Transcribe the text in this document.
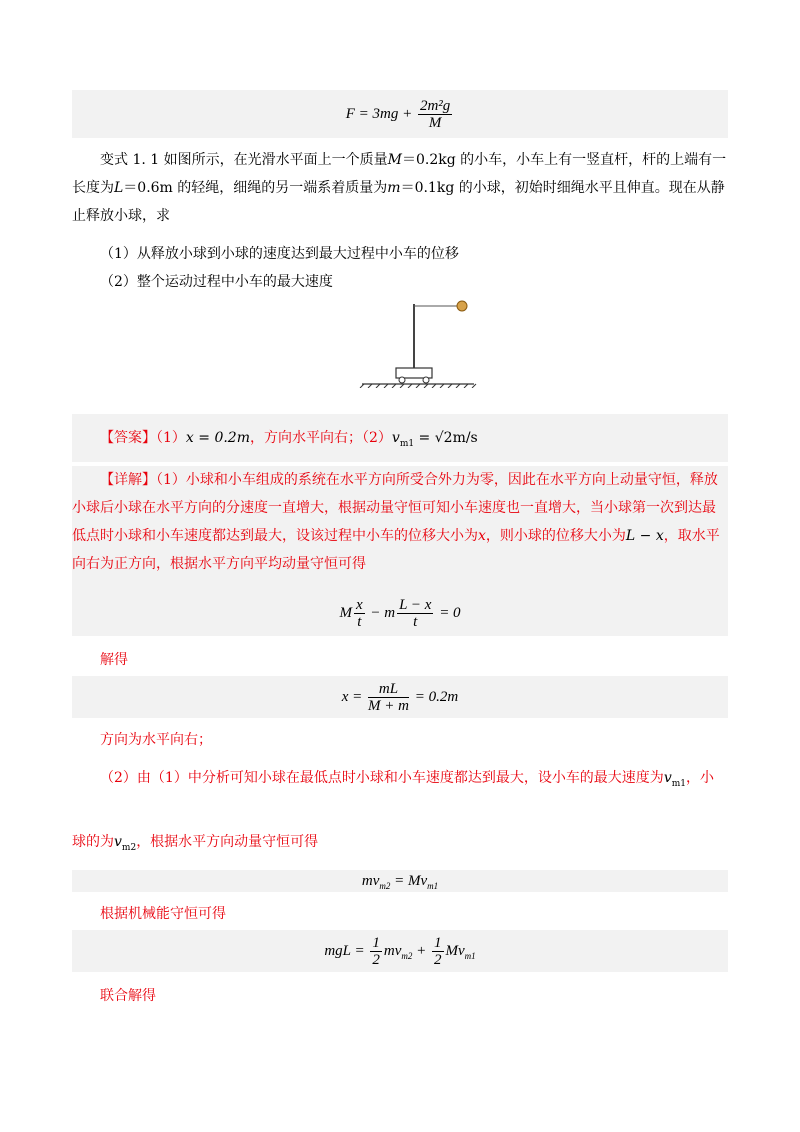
$F = 3mg + \frac{\text{2m²g}}{M}$
变式 1. 1 如图所示，在光滑水平面上一个质量M＝0.2kg 的小车，小车上有一竖直杆，杆的上端有一长度为L＝0.6m 的轻绳，细绳的另一端系着质量为m＝0.1kg 的小球，初始时细绳水平且伸直。现在从静止释放小球，求
（1）从释放小球到小球的速度达到最大过程中小车的位移
（2）整个运动过程中小车的最大速度
【答案】（1）x = 0.2m，方向水平向右；$(2)v_{m1} = √2m/s$
【详解】（1）小球和小车组成的系统在水平方向所受合外力为零，因此在水平方向上动量守恒，释放小球后小球在水平方向的分速度一直增大，根据动量守恒可知小车速度也一直增大，当小球第一次到达最低点时小球和小车速度都达到最大，设该过程中小车的位移大小为x，则小球的位移大小为L − x，取水平向右为正方向，根据水平方向平均动量守恒可得
M $\frac{x}{t} - m \frac{L - x}{t} = 0$
解得
$x = \frac{mL}{M + m} = 0.2m$
方向为水平向右；
（2）由（1）中分析可知小球在最低点时小球和小车速度都达到最大，设小车的最大速度为$v_{m1}$，小
球的为$v_{m2}$，根据水平方向动量守恒可得
$mv_{m2} = Mv_{m1}$
根据机械能守恒可得
mgL = $\frac{1}{2} mv_{m2} + \frac{1}{2} Mv_{m1}$
联合解得
